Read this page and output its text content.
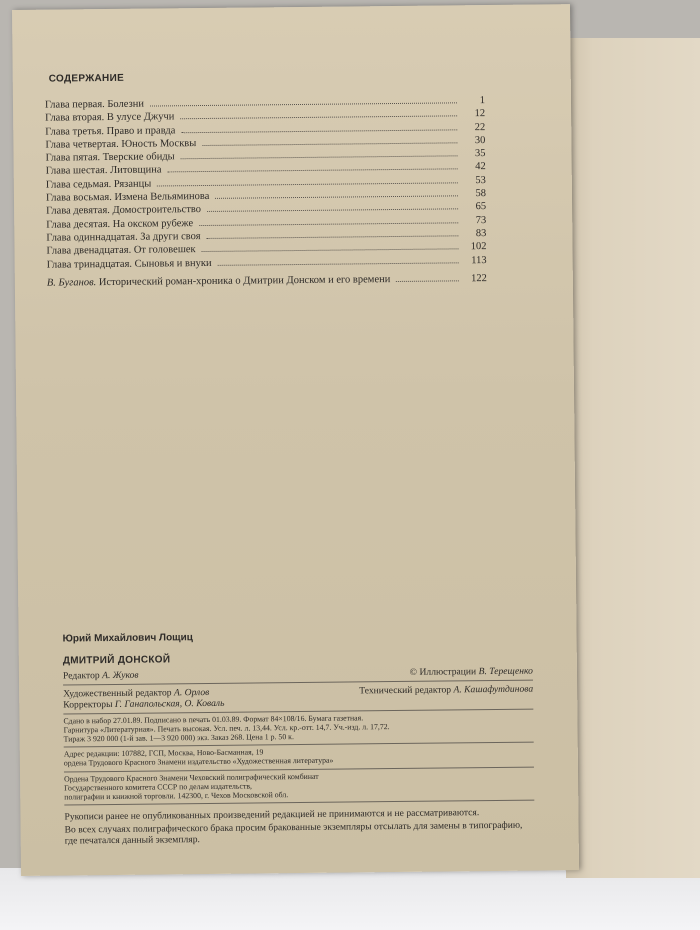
СОДЕРЖАНИЕ
Глава первая. Болезни	1
Глава вторая. В улусе Джучи	12
Глава третья. Право и правда	22
Глава четвертая. Юность Москвы	30
Глава пятая. Тверские обиды	35
Глава шестая. Литовщина	42
Глава седьмая. Рязанцы	53
Глава восьмая. Измена Вельяминова	58
Глава девятая. Домостроительство	65
Глава десятая. На окском рубеже	73
Глава одиннадцатая. За други своя	83
Глава двенадцатая. От головешек	102
Глава тринадцатая. Сыновья и внуки	113
В. Буганов. Исторический роман-хроника о Дмитрии Донском и его времени	122
Юрий Михайлович Лощиц
ДМИТРИЙ ДОНСКОЙ
Редактор А. Жуков	© Иллюстрации В. Терещенко
Художественный редактор А. Орлов	Технический редактор А. Кашафутдинова
Корректоры Г. Ганапольская, О. Коваль
Сдано в набор 27.01.89. Подписано в печать 01.03.89. Формат 84×108/16. Бумага газетная.
Гарнитура «Литературная». Печать высокая. Усл. печ. л. 13,44. Усл. кр.-отт. 14,7. Уч.-изд. л. 17,72.
Тираж 3 920 000 (1-й зав. 1—3 920 000) экз. Заказ 268. Цена 1 р. 50 к.
Адрес редакции: 107882, ГСП, Москва, Ново-Басманная, 19
ордена Трудового Красного Знамени издательство «Художественная литература»
Ордена Трудового Красного Знамени Чеховский полиграфический комбинат
Государственного комитета СССР по делам издательств,
полиграфии и книжной торговли. 142300, г. Чехов Московской обл.
Рукописи ранее не опубликованных произведений редакцией не принимаются и не рассматриваются.
Во всех случаях полиграфического брака просим бракованные экземпляры отсылать для замены в типографию, где печатался данный экземпляр.
